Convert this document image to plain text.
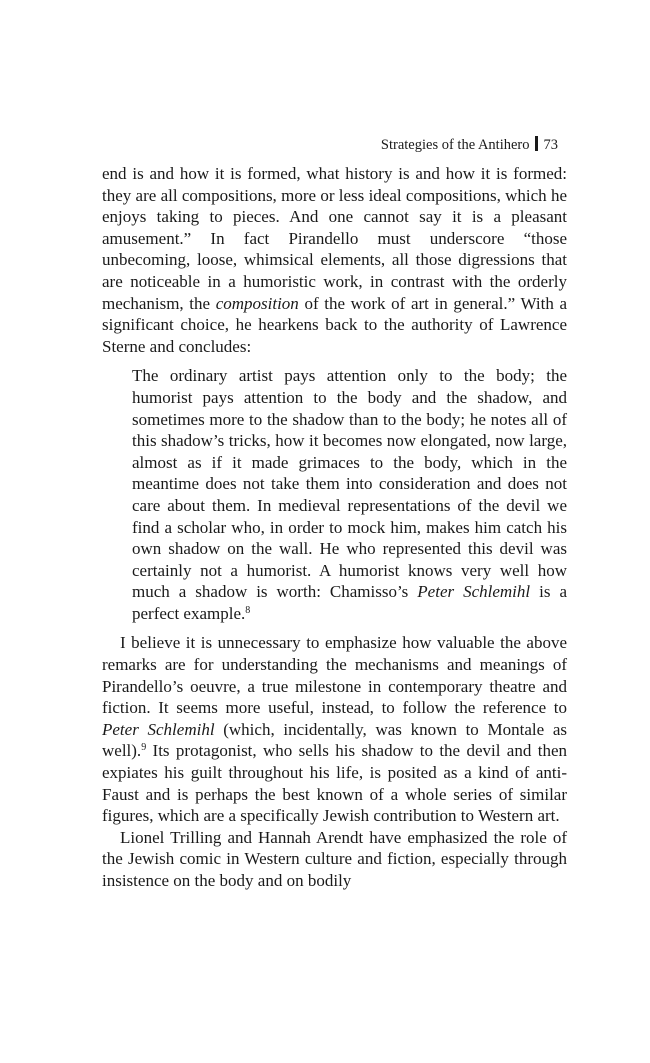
Strategies of the Antihero 73

end is and how it is formed, what history is and how it is formed: they are all compositions, more or less ideal compositions, which he enjoys taking to pieces. And one cannot say it is a pleasant amusement.” In fact Pirandello must underscore “those unbecoming, loose, whimsical elements, all those digressions that are noticeable in a humoristic work, in contrast with the orderly mechanism, the composition of the work of art in general.” With a significant choice, he hearkens back to the authority of Lawrence Sterne and concludes:

The ordinary artist pays attention only to the body; the humorist pays attention to the body and the shadow, and sometimes more to the shadow than to the body; he notes all of this shadow’s tricks, how it becomes now elongated, now large, almost as if it made grimaces to the body, which in the meantime does not take them into consideration and does not care about them. In medieval representations of the devil we find a scholar who, in order to mock him, makes him catch his own shadow on the wall. He who represented this devil was certainly not a humorist. A humorist knows very well how much a shadow is worth: Chamisso’s Peter Schlemihl is a perfect example.$^8$

I believe it is unnecessary to emphasize how valuable the above remarks are for understanding the mechanisms and meanings of Pirandello’s oeuvre, a true milestone in contemporary theatre and fiction. It seems more useful, instead, to follow the reference to Peter Schlemihl (which, incidentally, was known to Montale as well).$^9$ Its protagonist, who sells his shadow to the devil and then expiates his guilt throughout his life, is posited as a kind of anti-Faust and is perhaps the best known of a whole series of similar figures, which are a specifically Jewish contribution to Western art.

Lionel Trilling and Hannah Arendt have emphasized the role of the Jewish comic in Western culture and fiction, especially through insistence on the body and on bodily
